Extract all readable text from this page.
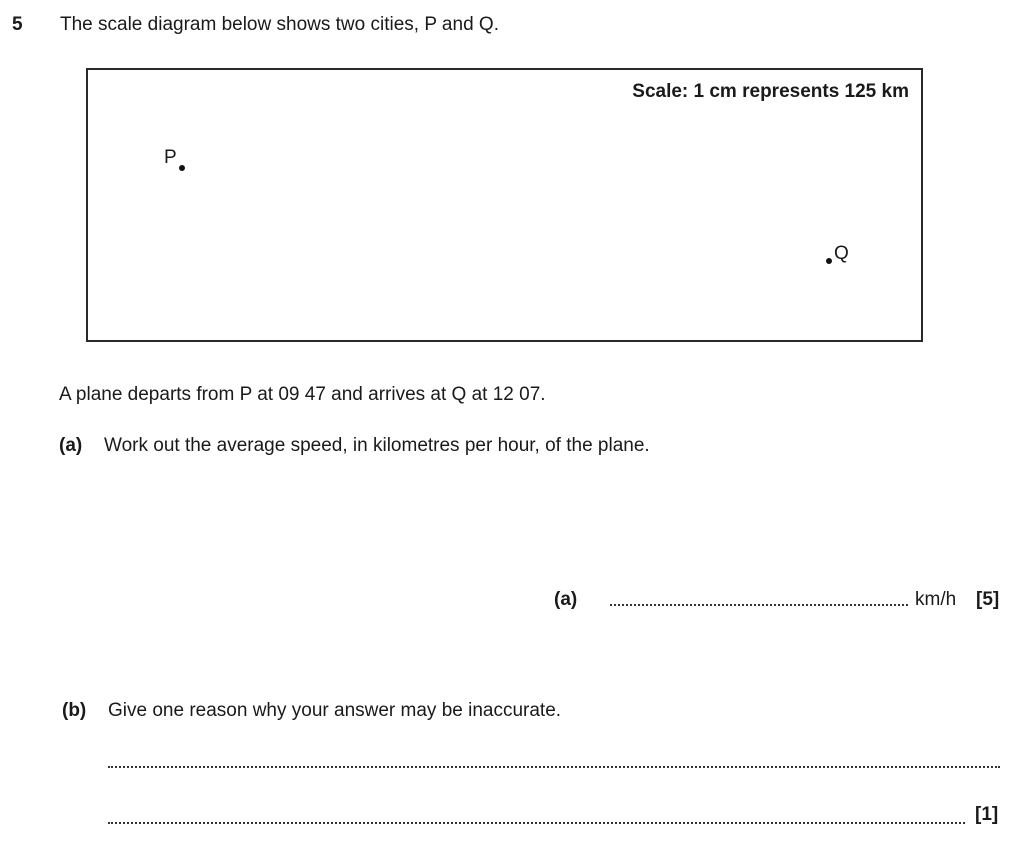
5 The scale diagram below shows two cities, P and Q.
Scale: 1 cm represents 125 km
P
Q
A plane departs from P at 09 47 and arrives at Q at 12 07.
(a) Work out the average speed, in kilometres per hour, of the plane.
(a)	km/h [5]
(b) Give one reason why your answer may be inaccurate.
[1]
